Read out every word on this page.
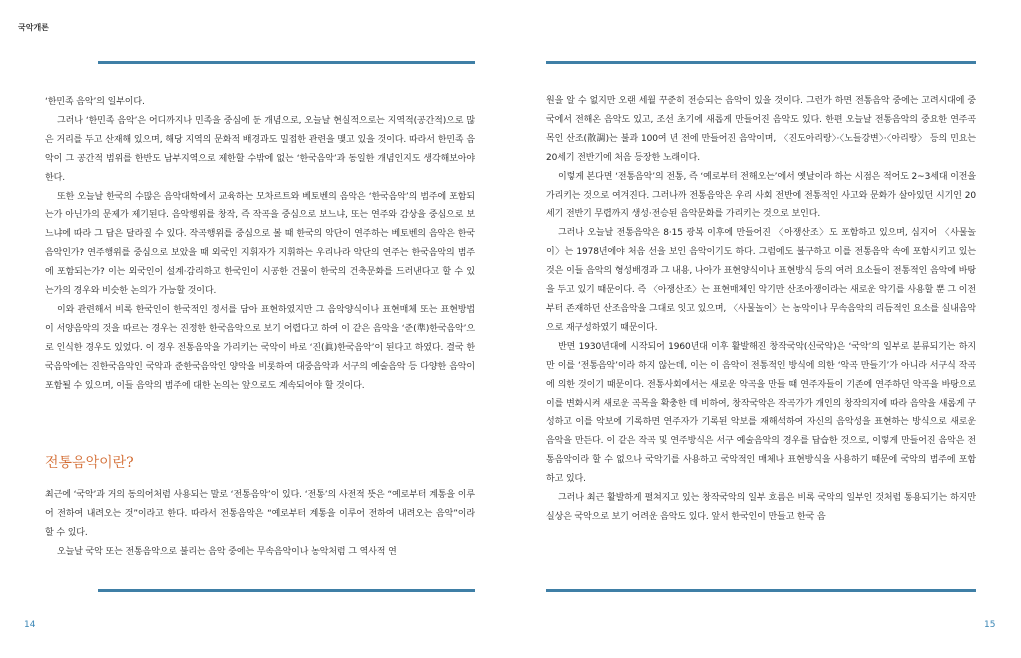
국악개론

‘한민족 음악’의 일부이다.

그러나 ‘한민족 음악’은 어디까지나 민족을 중심에 둔 개념으로, 오늘날 현실적으로는 지역적(공간적)으로 많은 거리를 두고 산재해 있으며, 해당 지역의 문화적 배경과도 밀접한 관련을 맺고 있을 것이다. 따라서 한민족 음악이 그 공간적 범위를 한반도 남부지역으로 제한할 수밖에 없는 ‘한국음악’과 동일한 개념인지도 생각해보아야 한다.

또한 오늘날 한국의 수많은 음악대학에서 교육하는 모차르트와 베토벤의 음악은 ‘한국음악’의 범주에 포함되는가 아닌가의 문제가 제기된다. 음악행위를 창작, 즉 작곡을 중심으로 보느냐, 또는 연주와 감상을 중심으로 보느냐에 따라 그 답은 달라질 수 있다. 작곡행위를 중심으로 볼 때 한국의 악단이 연주하는 베토벤의 음악은 한국음악인가? 연주행위를 중심으로 보았을 때 외국인 지휘자가 지휘하는 우리나라 악단의 연주는 한국음악의 범주에 포함되는가? 이는 외국인이 설계·감리하고 한국인이 시공한 건물이 한국의 건축문화를 드러낸다고 할 수 있는가의 경우와 비슷한 논의가 가능할 것이다.

이와 관련해서 비록 한국인이 한국적인 정서를 담아 표현하였지만 그 음악양식이나 표현매체 또는 표현방법이 서양음악의 것을 따르는 경우는 진정한 한국음악으로 보기 어렵다고 하여 이 같은 음악을 ‘준(準)한국음악’으로 인식한 경우도 있었다. 이 경우 전통음악을 가리키는 국악이 바로 ‘진(眞)한국음악’이 된다고 하였다. 결국 한국음악에는 진한국음악인 국악과 준한국음악인 양악을 비롯하여 대중음악과 서구의 예술음악 등 다양한 음악이 포함될 수 있으며, 이들 음악의 범주에 대한 논의는 앞으로도 계속되어야 할 것이다.

전통음악이란?

최근에 ‘국악’과 거의 동의어처럼 사용되는 말로 ‘전통음악’이 있다. ‘전통’의 사전적 뜻은 “예로부터 계통을 이루어 전하여 내려오는 것”이라고 한다. 따라서 전통음악은 “예로부터 계통을 이루어 전하여 내려오는 음악”이라 할 수 있다.

오늘날 국악 또는 전통음악으로 불리는 음악 중에는 무속음악이나 농악처럼 그 역사적 연

원을 알 수 없지만 오랜 세월 꾸준히 전승되는 음악이 있을 것이다. 그런가 하면 전통음악 중에는 고려시대에 중국에서 전해온 음악도 있고, 조선 초기에 새롭게 만들어진 음악도 있다. 한편 오늘날 전통음악의 중요한 연주곡목인 산조(散調)는 불과 100여 년 전에 만들어진 음악이며, 〈진도아리랑〉·〈노들강변〉·〈아리랑〉 등의 민요는 20세기 전반기에 처음 등장한 노래이다.

이렇게 본다면 ‘전통음악’의 전통, 즉 ‘예로부터 전해오는’에서 옛날이라 하는 시점은 적어도 2~3세대 이전을 가리키는 것으로 여겨진다. 그러나까 전통음악은 우리 사회 전반에 전통적인 사고와 문화가 살아있던 시기인 20세기 전반기 무렵까지 생성·전승된 음악문화를 가리키는 것으로 보인다.

그러나 오늘날 전통음악은 8·15 광복 이후에 만들어진 〈아쟁산조〉도 포함하고 있으며, 심지어 〈사물놀이〉는 1978년에야 처음 선을 보인 음악이기도 하다. 그럼에도 불구하고 이를 전통음악 속에 포함시키고 있는 것은 이들 음악의 형성배경과 그 내용, 나아가 표현양식이나 표현방식 등의 여러 요소들이 전통적인 음악에 바탕을 두고 있기 때문이다. 즉 〈아쟁산조〉는 표현매체인 악기만 산조아쟁이라는 새로운 악기를 사용할 뿐 그 이전부터 존재하던 산조음악을 그대로 잇고 있으며, 〈사물놀이〉는 농악이나 무속음악의 리듬적인 요소를 실내음악으로 재구성하였기 때문이다.

반면 1930년대에 시작되어 1960년대 이후 활발해진 창작국악(신국악)은 ‘국악’의 일부로 분류되기는 하지만 이를 ‘전통음악’이라 하지 않는데, 이는 이 음악이 전통적인 방식에 의한 ‘악곡 만들기’가 아니라 서구식 작곡에 의한 것이기 때문이다. 전통사회에서는 새로운 악곡을 만들 때 연주자들이 기존에 연주하던 악곡을 바탕으로 이를 변화시켜 새로운 곡목을 확충한 데 비하여, 창작국악은 작곡가가 개인의 창작의지에 따라 음악을 새롭게 구성하고 이를 악보에 기록하면 연주자가 기록된 악보를 재해석하여 자신의 음악성을 표현하는 방식으로 새로운 음악을 만든다. 이 같은 작곡 및 연주방식은 서구 예술음악의 경우를 답습한 것으로, 이렇게 만들어진 음악은 전통음악이라 할 수 없으나 국악기를 사용하고 국악적인 매체나 표현방식을 사용하기 때문에 국악의 범주에 포함하고 있다.

그러나 최근 활발하게 펼쳐지고 있는 창작국악의 일부 흐름은 비록 국악의 일부인 것처럼 통용되기는 하지만 실상은 국악으로 보기 어려운 음악도 있다. 앞서 한국인이 만들고 한국 음

14	15
